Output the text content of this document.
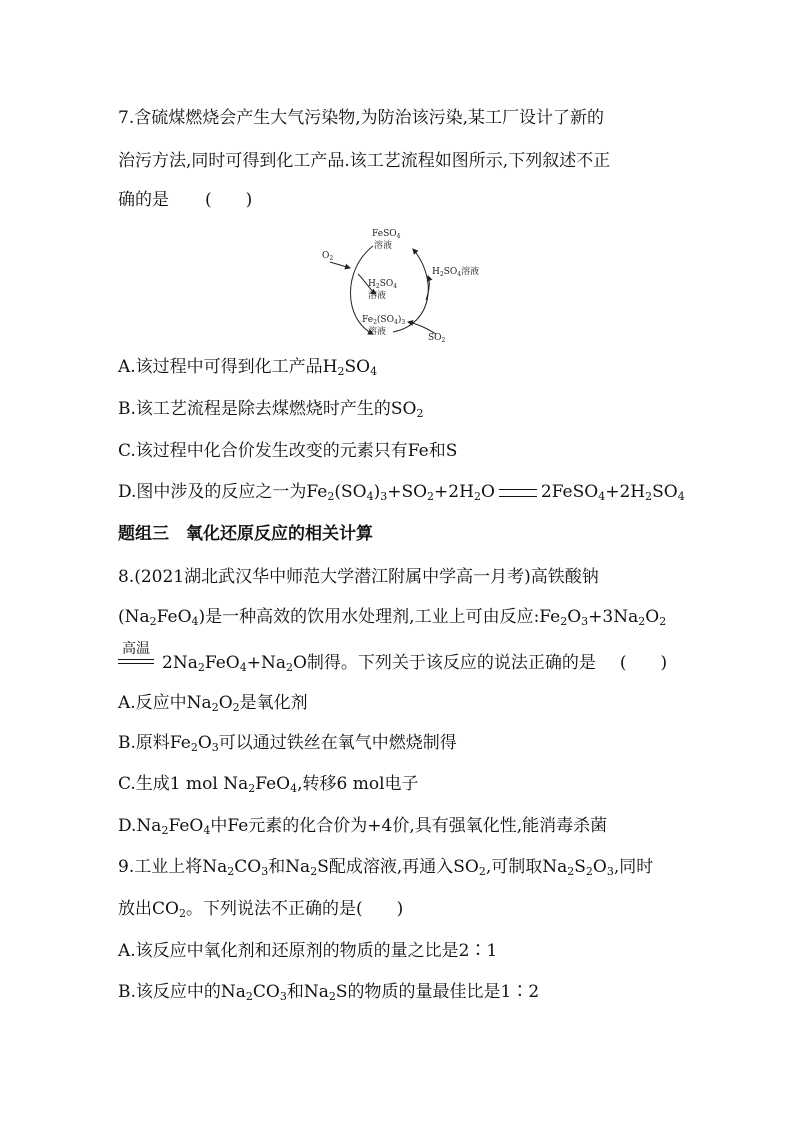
7.含硫煤燃烧会产生大气污染物,为防治该污染,某工厂设计了新的
治污方法,同时可得到化工产品.该工艺流程如图所示,下列叙述不正
确的是 (　　)
FeSO$_4$
溶液
$O_2$
$H_2SO_4$
溶液
$H_2SO_4$溶液
$Fe_2(SO_4)_3$
溶液
$SO_2$
A.该过程中可得到化工产品$H_2SO_4$
B.该工艺流程是除去煤燃烧时产生的$SO_2$
C.该过程中化合价发生改变的元素只有Fe和S
D.图中涉及的反应之一为$Fe_2(SO_4)_3+SO_2+2H_2O$	$2FeSO_4+2H_2SO_4$
题组三　氧化还原反应的相关计算
8.(2021湖北武汉华中师范大学潜江附属中学高一月考)高铁酸钠
$(Na_2FeO_4)$是一种高效的饮用水处理剂,工业上可由反应$:Fe_2O_3+3Na_2O_2$
高温
$2Na_2FeO_4+Na_2O$制得。下列关于该反应的说法正确的是 (　　)
A.反应中$Na_2O_2$是氧化剂
B.原料$Fe_2O_3$可以通过铁丝在氧气中燃烧制得
C.生成1 mol $Na_2FeO_4$,转移6 mol电子
$D.Na_2FeO_4$中Fe元素的化合价为+4价,具有强氧化性,能消毒杀菌
9.工业上将$Na_2CO_3$和$Na_2S$配成溶液,再通入$SO_2$,可制取$Na_2S_2O_3$,同时
放出$CO_2$。下列说法不正确的是(　　)
A.该反应中氧化剂和还原剂的物质的量之比是2∶1
B.该反应中的$Na_2CO_3$和$Na_2S$的物质的量最佳比是1∶2
